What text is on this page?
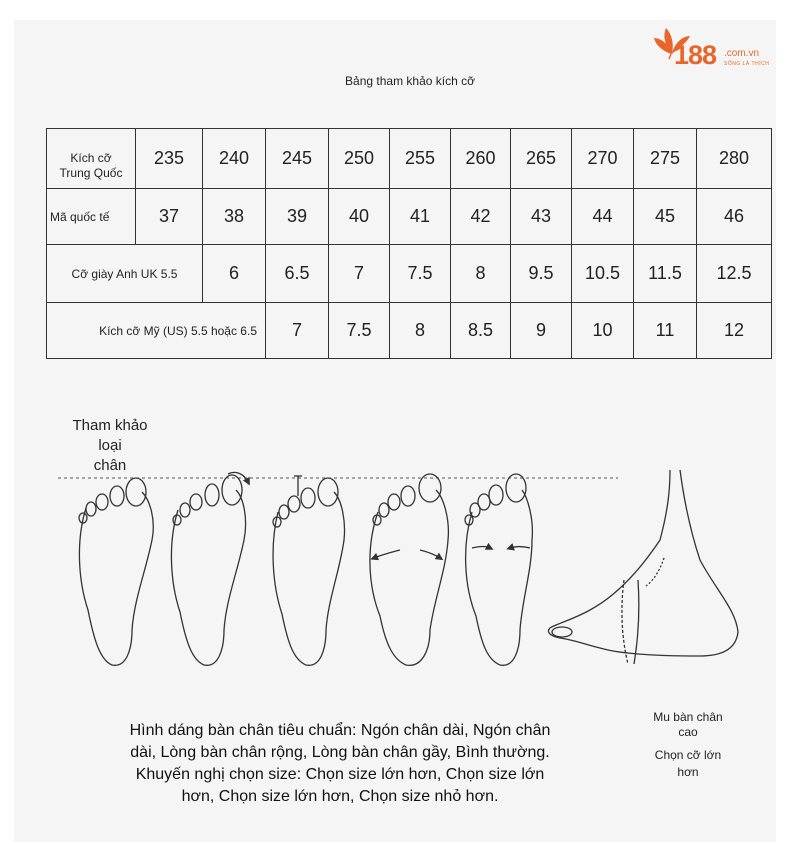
188 .com.vn
SỐNG LÀ THÍCH
Bảng tham khảo kích cỡ
Kích cỡ
Trung Quốc	235	240	245	250	255	260	265	270	275	280
Mã quốc tế	37	38	39	40	41	42	43	44	45	46
Cỡ giày Anh UK 5.5		6	6.5	7	7.5	8	9.5	10.5	11.5	12.5
Kích cỡ Mỹ (US) 5.5 hoặc 6.5			7	7.5	8	8.5	9	10	11	12
Tham khảo loại
chân
Hình dáng bàn chân tiêu chuẩn: Ngón chân dài, Ngón chân
dài, Lòng bàn chân rộng, Lòng bàn chân gầy, Bình thường.
Khuyến nghị chọn size: Chọn size lớn hơn, Chọn size lớn
hơn, Chọn size lớn hơn, Chọn size nhỏ hơn.
Mu bàn chân
cao
Chọn cỡ lớn
hơn
